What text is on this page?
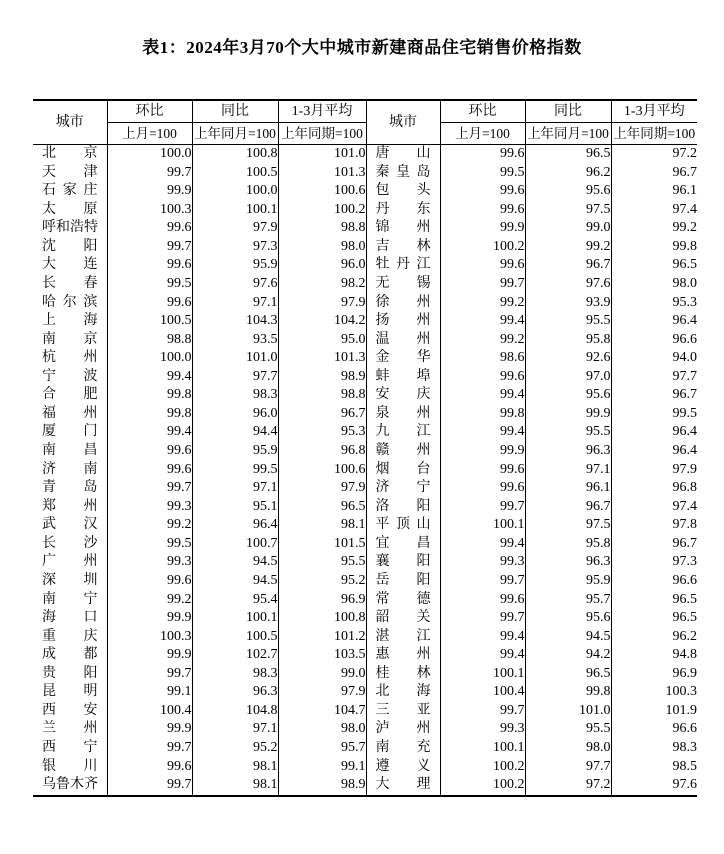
表1：2024年3月70个大中城市新建商品住宅销售价格指数
城市	环比	同比	1-3月平均	城市	环比	同比	1-3月平均
	上月=100	上年同月=100	上年同期=100		上月=100	上年同月=100	上年同期=100

北 京	100.0	100.8	101.0	唐 山	99.6	96.5	97.2

天 津	99.7	100.5	101.3	秦 皇 岛	99.5	96.2	96.7

石 家 庄	99.9	100.0	100.6	包 头	99.6	95.6	96.1

太 原	100.3	100.1	100.2	丹 东	99.6	97.5	97.4

呼 和 浩 特	99.6	97.9	98.8	锦 州	99.9	99.0	99.2

沈 阳	99.7	97.3	98.0	吉 林	100.2	99.2	99.8

大 连	99.6	95.9	96.0	牡 丹 江	99.6	96.7	96.5

长 春	99.5	97.6	98.2	无 锡	99.7	97.6	98.0

哈 尔 滨	99.6	97.1	97.9	徐 州	99.2	93.9	95.3

上 海	100.5	104.3	104.2	扬 州	99.4	95.5	96.4

南 京	98.8	93.5	95.0	温 州	99.2	95.8	96.6

杭 州	100.0	101.0	101.3	金 华	98.6	92.6	94.0

宁 波	99.4	97.7	98.9	蚌 埠	99.6	97.0	97.7

合 肥	99.8	98.3	98.8	安 庆	99.4	95.6	96.7

福 州	99.8	96.0	96.7	泉 州	99.8	99.9	99.5

厦 门	99.4	94.4	95.3	九 江	99.4	95.5	96.4

南 昌	99.6	95.9	96.8	赣 州	99.9	96.3	96.4

济 南	99.6	99.5	100.6	烟 台	99.6	97.1	97.9

青 岛	99.7	97.1	97.9	济 宁	99.6	96.1	96.8

郑 州	99.3	95.1	96.5	洛 阳	99.7	96.7	97.4

武 汉	99.2	96.4	98.1	平 顶 山	100.1	97.5	97.8

长 沙	99.5	100.7	101.5	宜 昌	99.4	95.8	96.7

广 州	99.3	94.5	95.5	襄 阳	99.3	96.3	97.3

深 圳	99.6	94.5	95.2	岳 阳	99.7	95.9	96.6

南 宁	99.2	95.4	96.9	常 德	99.6	95.7	96.5

海 口	99.9	100.1	100.8	韶 关	99.7	95.6	96.5

重 庆	100.3	100.5	101.2	湛 江	99.4	94.5	96.2

成 都	99.9	102.7	103.5	惠 州	99.4	94.2	94.8

贵 阳	99.7	98.3	99.0	桂 林	100.1	96.5	96.9

昆 明	99.1	96.3	97.9	北 海	100.4	99.8	100.3

西 安	100.4	104.8	104.7	三 亚	99.7	101.0	101.9

兰 州	99.9	97.1	98.0	泸 州	99.3	95.5	96.6

西 宁	99.7	95.2	95.7	南 充	100.1	98.0	98.3

银 川	99.6	98.1	99.1	遵 义	100.2	97.7	98.5

乌 鲁 木 齐	99.7	98.1	98.9	大 理	100.2	97.2	97.6
